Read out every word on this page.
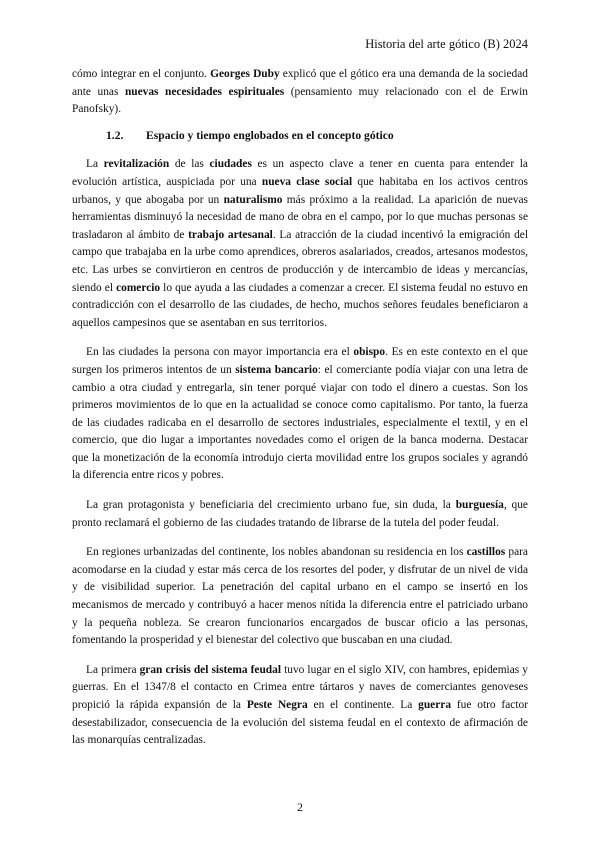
Historia del arte gótico (B) 2024

cómo integrar en el conjunto. Georges Duby explicó que el gótico era una demanda de la sociedad ante unas nuevas necesidades espirituales (pensamiento muy relacionado con el de Erwin Panofsky).

1.2. Espacio y tiempo englobados en el concepto gótico

La revitalización de las ciudades es un aspecto clave a tener en cuenta para entender la evolución artística, auspiciada por una nueva clase social que habitaba en los activos centros urbanos, y que abogaba por un naturalismo más próximo a la realidad. La aparición de nuevas herramientas disminuyó la necesidad de mano de obra en el campo, por lo que muchas personas se trasladaron al ámbito de trabajo artesanal. La atracción de la ciudad incentivó la emigración del campo que trabajaba en la urbe como aprendices, obreros asalariados, creados, artesanos modestos, etc. Las urbes se convirtieron en centros de producción y de intercambio de ideas y mercancías, siendo el comercio lo que ayuda a las ciudades a comenzar a crecer. El sistema feudal no estuvo en contradicción con el desarrollo de las ciudades, de hecho, muchos señores feudales beneficiaron a aquellos campesinos que se asentaban en sus territorios.

En las ciudades la persona con mayor importancia era el obispo. Es en este contexto en el que surgen los primeros intentos de un sistema bancario: el comerciante podía viajar con una letra de cambio a otra ciudad y entregarla, sin tener porqué viajar con todo el dinero a cuestas. Son los primeros movimientos de lo que en la actualidad se conoce como capitalismo. Por tanto, la fuerza de las ciudades radicaba en el desarrollo de sectores industriales, especialmente el textil, y en el comercio, que dio lugar a importantes novedades como el origen de la banca moderna. Destacar que la monetización de la economía introdujo cierta movilidad entre los grupos sociales y agrandó la diferencia entre ricos y pobres.

La gran protagonista y beneficiaria del crecimiento urbano fue, sin duda, la burguesía, que pronto reclamará el gobierno de las ciudades tratando de librarse de la tutela del poder feudal.

En regiones urbanizadas del continente, los nobles abandonan su residencia en los castillos para acomodarse en la ciudad y estar más cerca de los resortes del poder, y disfrutar de un nivel de vida y de visibilidad superior. La penetración del capital urbano en el campo se insertó en los mecanismos de mercado y contribuyó a hacer menos nítida la diferencia entre el patriciado urbano y la pequeña nobleza. Se crearon funcionarios encargados de buscar oficio a las personas, fomentando la prosperidad y el bienestar del colectivo que buscaban en una ciudad.

La primera gran crisis del sistema feudal tuvo lugar en el siglo XIV, con hambres, epidemias y guerras. En el 1347/8 el contacto en Crimea entre tártaros y naves de comerciantes genoveses propició la rápida expansión de la Peste Negra en el continente. La guerra fue otro factor desestabilizador, consecuencia de la evolución del sistema feudal en el contexto de afirmación de las monarquías centralizadas.

2
